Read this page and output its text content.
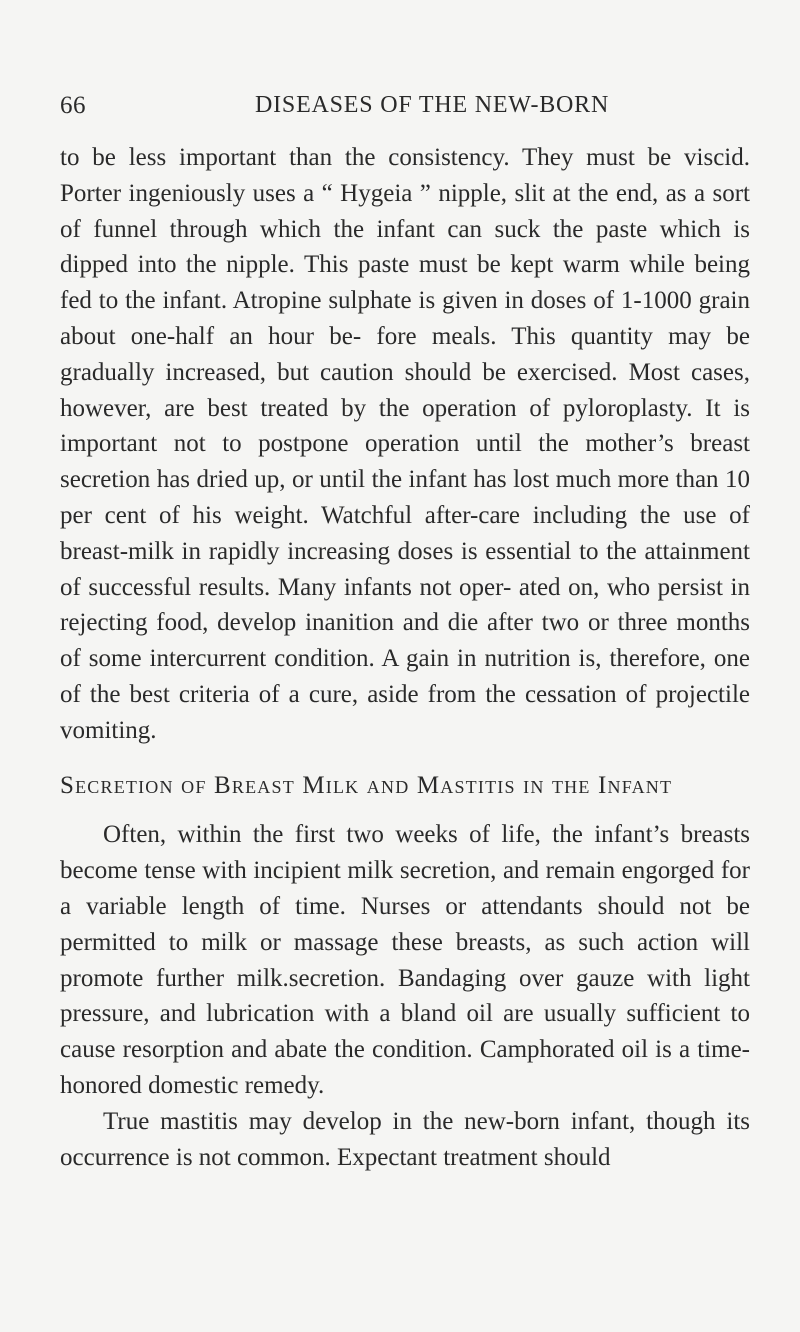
66	DISEASES OF THE NEW-BORN

to be less important than the consistency. They must be viscid. Porter ingeniously uses a “ Hygeia ” nipple, slit at the end, as a sort of funnel through which the infant can suck the paste which is dipped into the nipple. This paste must be kept warm while being fed to the infant. Atropine sulphate is given in doses of 1-1000 grain about one-half an hour be- fore meals. This quantity may be gradually increased, but caution should be exercised. Most cases, however, are best treated by the operation of pyloroplasty. It is important not to postpone operation until the mother’s breast secretion has dried up, or until the infant has lost much more than 10 per cent of his weight. Watchful after-care including the use of breast-milk in rapidly increasing doses is essential to the attainment of successful results. Many infants not oper- ated on, who persist in rejecting food, develop inanition and die after two or three months of some intercurrent condition. A gain in nutrition is, therefore, one of the best criteria of a cure, aside from the cessation of projectile vomiting.

Secretion of Breast Milk and Mastitis in the Infant

Often, within the first two weeks of life, the infant’s breasts become tense with incipient milk secretion, and remain engorged for a variable length of time. Nurses or attendants should not be permitted to milk or massage these breasts, as such action will promote further milk.secretion. Bandaging over gauze with light pressure, and lubrication with a bland oil are usually sufficient to cause resorption and abate the condition. Camphorated oil is a time-honored domestic remedy.

True mastitis may develop in the new-born infant, though its occurrence is not common. Expectant treatment should
